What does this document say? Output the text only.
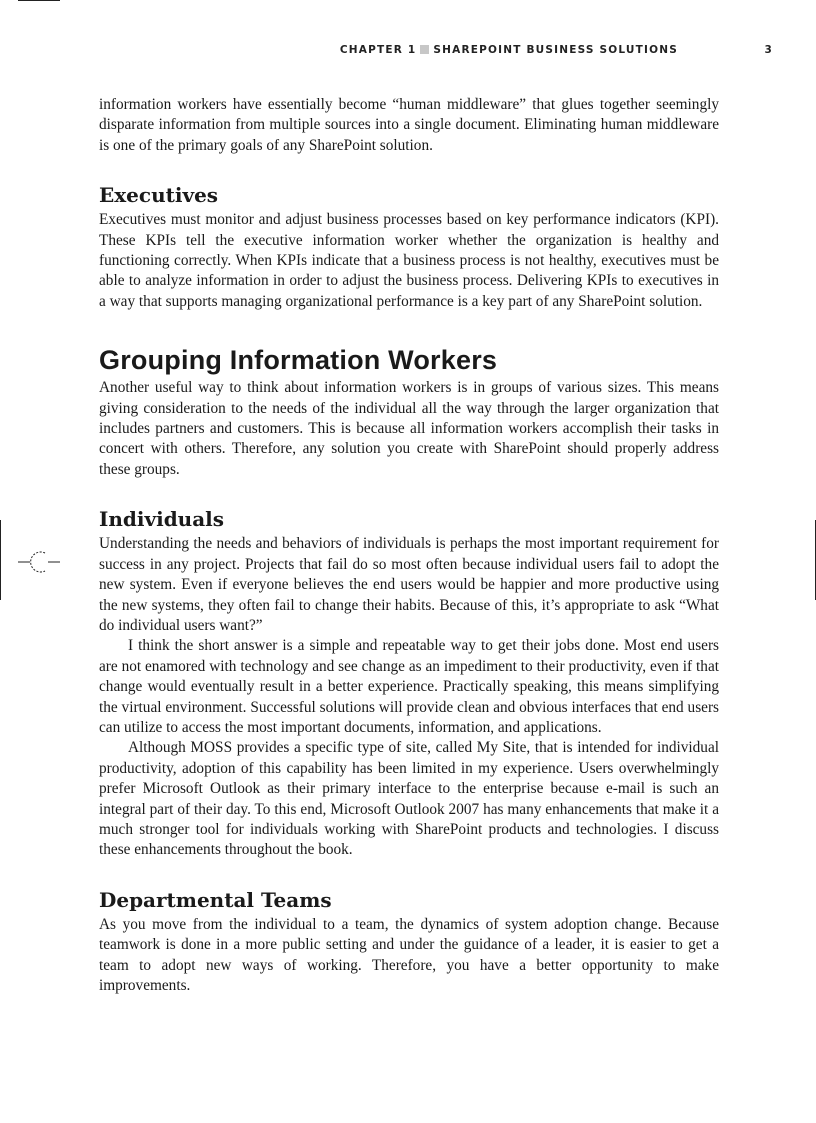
CHAPTER 1 SHAREPOINT BUSINESS SOLUTIONS	3

information workers have essentially become “human middleware” that glues together seemingly disparate information from multiple sources into a single document. Eliminating human middleware is one of the primary goals of any SharePoint solution.

Executives

Executives must monitor and adjust business processes based on key performance indicators (KPI). These KPIs tell the executive information worker whether the organization is healthy and functioning correctly. When KPIs indicate that a business process is not healthy, executives must be able to analyze information in order to adjust the business process. Delivering KPIs to executives in a way that supports managing organizational performance is a key part of any SharePoint solution.

Grouping Information Workers

Another useful way to think about information workers is in groups of various sizes. This means giving consideration to the needs of the individual all the way through the larger organization that includes partners and customers. This is because all information workers accomplish their tasks in concert with others. Therefore, any solution you create with SharePoint should properly address these groups.

Individuals

Understanding the needs and behaviors of individuals is perhaps the most important requirement for success in any project. Projects that fail do so most often because individual users fail to adopt the new system. Even if everyone believes the end users would be happier and more productive using the new systems, they often fail to change their habits. Because of this, it’s appropriate to ask “What do individual users want?”

I think the short answer is a simple and repeatable way to get their jobs done. Most end users are not enamored with technology and see change as an impediment to their productivity, even if that change would eventually result in a better experience. Practically speaking, this means simplifying the virtual environment. Successful solutions will provide clean and obvious interfaces that end users can utilize to access the most important documents, information, and applications.

Although MOSS provides a specific type of site, called My Site, that is intended for individual productivity, adoption of this capability has been limited in my experience. Users overwhelmingly prefer Microsoft Outlook as their primary interface to the enterprise because e-mail is such an integral part of their day. To this end, Microsoft Outlook 2007 has many enhancements that make it a much stronger tool for individuals working with SharePoint products and technologies. I discuss these enhancements throughout the book.

Departmental Teams

As you move from the individual to a team, the dynamics of system adoption change. Because teamwork is done in a more public setting and under the guidance of a leader, it is easier to get a team to adopt new ways of working. Therefore, you have a better opportunity to make improvements.
